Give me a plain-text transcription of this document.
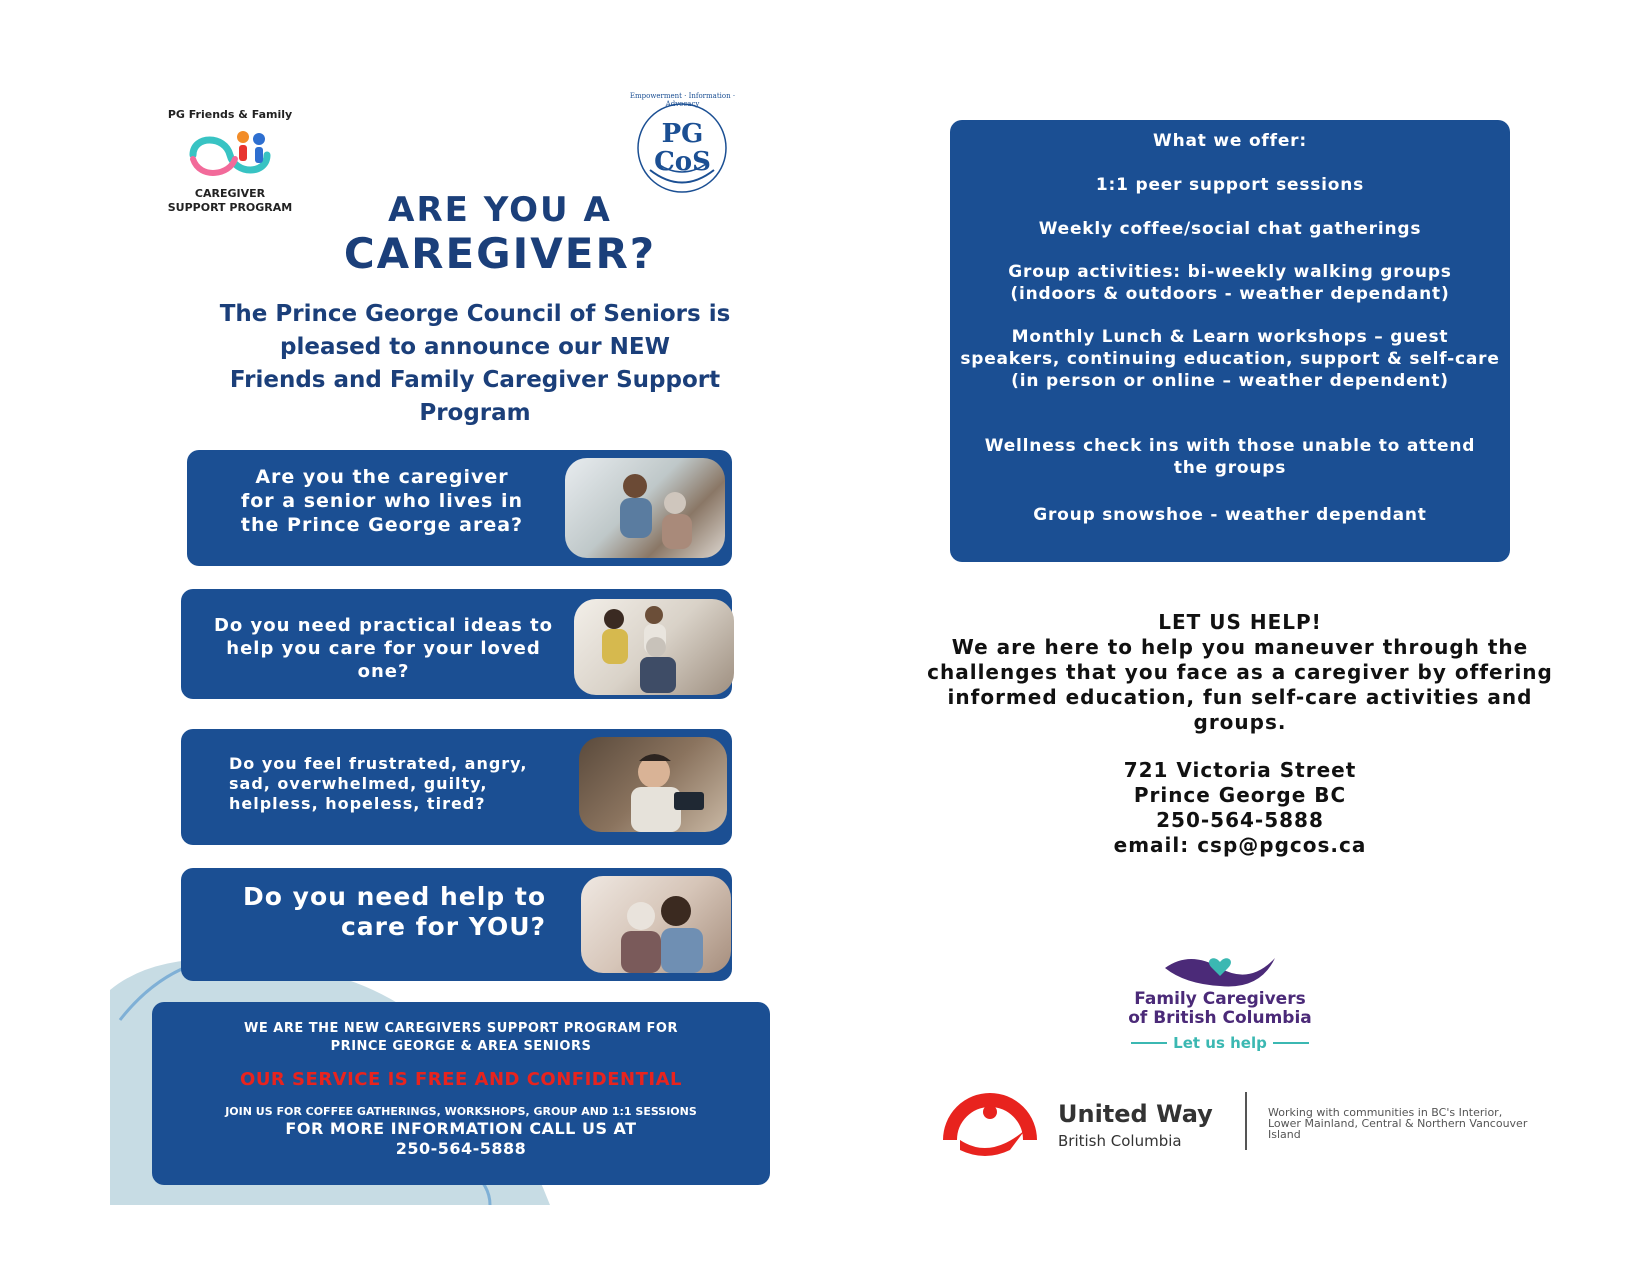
PG Friends & Family
CAREGIVER SUPPORT PROGRAM
PG CoS
Empowerment · Information · Advocacy
ARE YOU A
CAREGIVER?
The Prince George Council of Seniors is
pleased to announce our NEW
Friends and Family Caregiver Support
Program
Are you the caregiver for a senior who lives in the Prince George area?
Do you need practical ideas to help you care for your loved one?
Do you feel frustrated, angry, sad, overwhelmed, guilty, helpless, hopeless, tired?
Do you need help to care for YOU?
WE ARE THE NEW CAREGIVERS SUPPORT PROGRAM FOR
PRINCE GEORGE & AREA SENIORS
OUR SERVICE IS FREE AND CONFIDENTIAL
JOIN US FOR COFFEE GATHERINGS, WORKSHOPS, GROUP AND 1:1 SESSIONS
FOR MORE INFORMATION CALL US AT
250-564-5888
What we offer:
1:1 peer support sessions
Weekly coffee/social chat gatherings
Group activities: bi-weekly walking groups (indoors & outdoors - weather dependant)
Monthly Lunch & Learn workshops – guest speakers, continuing education, support & self-care (in person or online – weather dependent)
Wellness check ins with those unable to attend the groups
Group snowshoe - weather dependant
LET US HELP!
We are here to help you maneuver through the challenges that you face as a caregiver by offering informed education, fun self-care activities and groups.
721 Victoria Street
Prince George BC
250-564-5888
email: csp@pgcos.ca
Family Caregivers
of British Columbia
Let us help
United Way
British Columbia
Working with communities in BC's Interior, Lower Mainland, Central & Northern Vancouver Island
